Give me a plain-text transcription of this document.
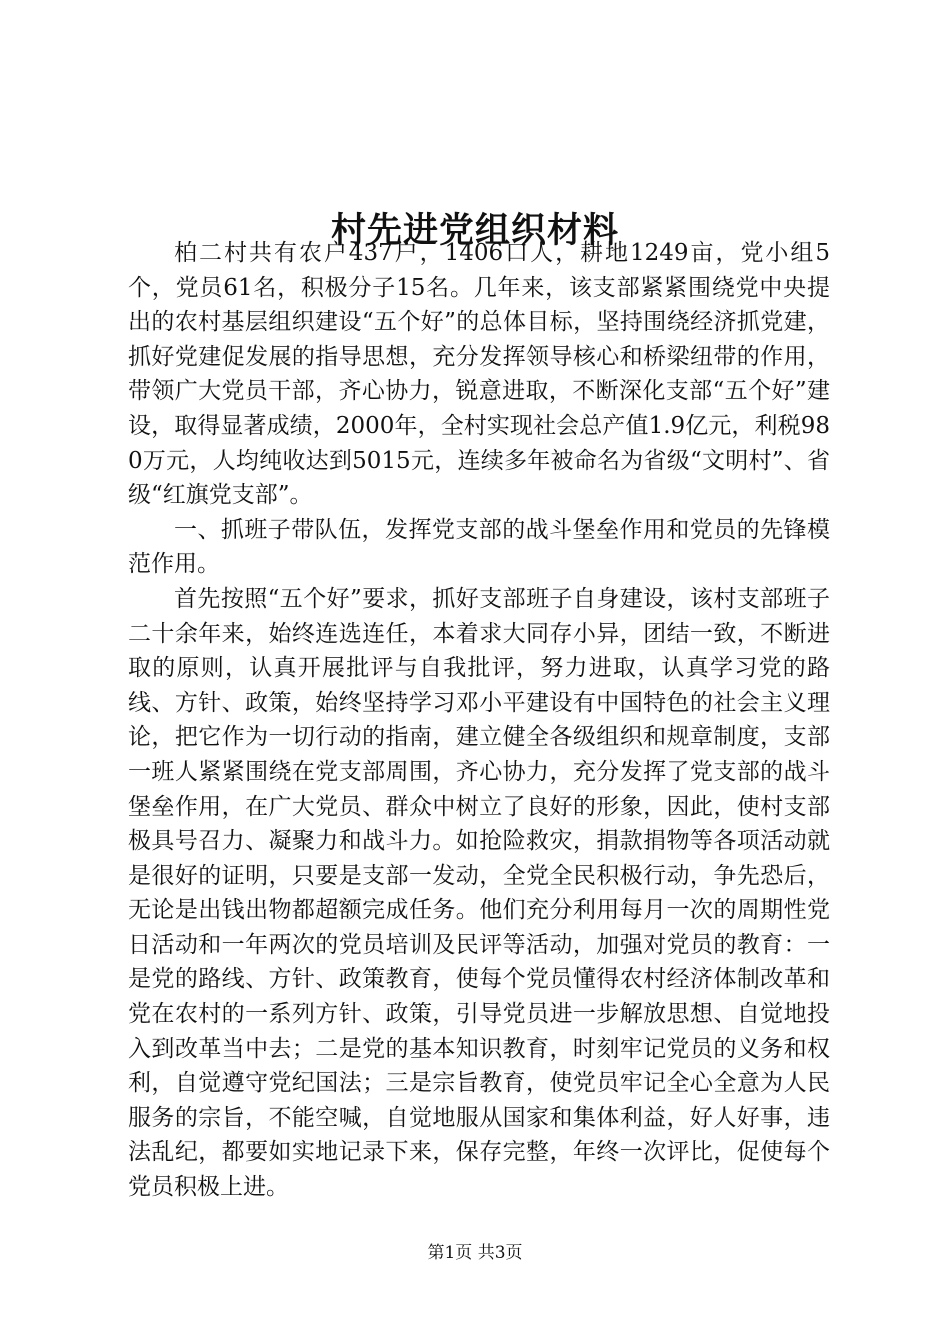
村先进党组织材料

柏二村共有农户437户，1406口人，耕地1249亩，党小组5个，党员61名，积极分子15名。几年来，该支部紧紧围绕党中央提出的农村基层组织建设“五个好”的总体目标，坚持围绕经济抓党建，抓好党建促发展的指导思想，充分发挥领导核心和桥梁纽带的作用，带领广大党员干部，齐心协力，锐意进取，不断深化支部“五个好”建设，取得显著成绩，2000年，全村实现社会总产值1.9亿元，利税980万元，人均纯收达到5015元，连续多年被命名为省级“文明村”、省级“红旗党支部”。

一、抓班子带队伍，发挥党支部的战斗堡垒作用和党员的先锋模范作用。

首先按照“五个好”要求，抓好支部班子自身建设，该村支部班子二十余年来，始终连选连任，本着求大同存小异，团结一致，不断进取的原则，认真开展批评与自我批评，努力进取，认真学习党的路线、方针、政策，始终坚持学习邓小平建设有中国特色的社会主义理论，把它作为一切行动的指南，建立健全各级组织和规章制度，支部一班人紧紧围绕在党支部周围，齐心协力，充分发挥了党支部的战斗堡垒作用，在广大党员、群众中树立了良好的形象，因此，使村支部极具号召力、凝聚力和战斗力。如抢险救灾，捐款捐物等各项活动就是很好的证明，只要是支部一发动，全党全民积极行动，争先恐后，无论是出钱出物都超额完成任务。他们充分利用每月一次的周期性党日活动和一年两次的党员培训及民评等活动，加强对党员的教育：一是党的路线、方针、政策教育，使每个党员懂得农村经济体制改革和党在农村的一系列方针、政策，引导党员进一步解放思想、自觉地投入到改革当中去；二是党的基本知识教育，时刻牢记党员的义务和权利，自觉遵守党纪国法；三是宗旨教育，使党员牢记全心全意为人民服务的宗旨，不能空喊，自觉地服从国家和集体利益，好人好事，违法乱纪，都要如实地记录下来，保存完整，年终一次评比，促使每个党员积极上进。

第1页 共3页
